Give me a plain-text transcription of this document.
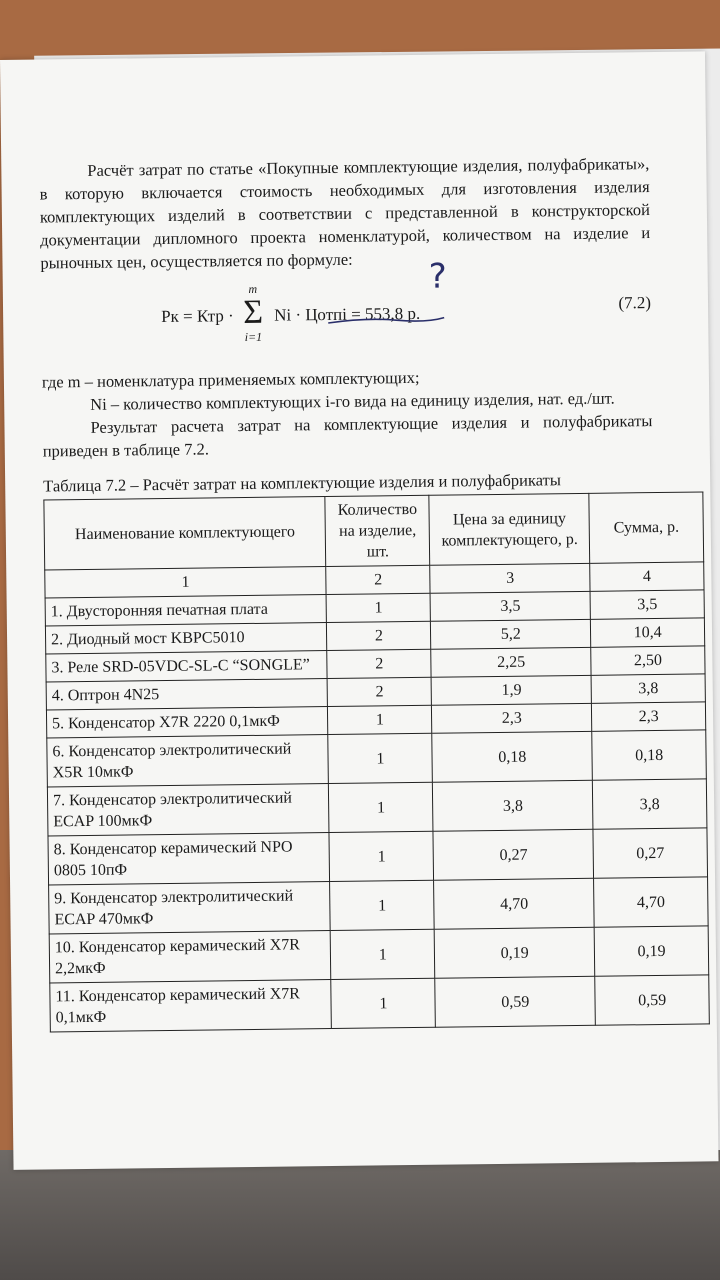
Расчёт затрат по статье «Покупные комплектующие изделия, полуфабрикаты», в которую включается стоимость необходимых для изготовления изделия комплектующих изделий в соответствии с представленной в конструкторской документации дипломного проекта номенклатурой, количеством на изделие и рыночных цен, осуществляется по формуле:

Рк = Ктр ·
m
Σ
i=1
Ni · Цотпi = 553,8 р.
(7.2)
?

где m – номенклатура применяемых комплектующих;

Ni – количество комплектующих i-го вида на единицу изделия, нат. ед./шт.

Результат расчета затрат на комплектующие изделия и полуфабрикаты приведен в таблице 7.2.

Таблица 7.2 – Расчёт затрат на комплектующие изделия и полуфабрикаты

Наименование комплектующего	Количество на изделие, шт.	Цена за единицу комплектующего, р.	Сумма, р.
1	2	3	4
1. Двусторонняя печатная плата	1	3,5	3,5
2. Диодный мост KBPC5010	2	5,2	10,4
3. Реле SRD-05VDC-SL-C “SONGLE”	2	2,25	2,50
4. Оптрон 4N25	2	1,9	3,8
5. Конденсатор X7R 2220 0,1мкФ	1	2,3	2,3
6. Конденсатор электролитический X5R 10мкФ	1	0,18	0,18
7. Конденсатор электролитический ECAP 100мкФ	1	3,8	3,8
8. Конденсатор керамический NPO 0805 10пФ	1	0,27	0,27
9. Конденсатор электролитический ECAP 470мкФ	1	4,70	4,70
10. Конденсатор керамический X7R 2,2мкФ	1	0,19	0,19
11. Конденсатор керамический X7R 0,1мкФ	1	0,59	0,59
